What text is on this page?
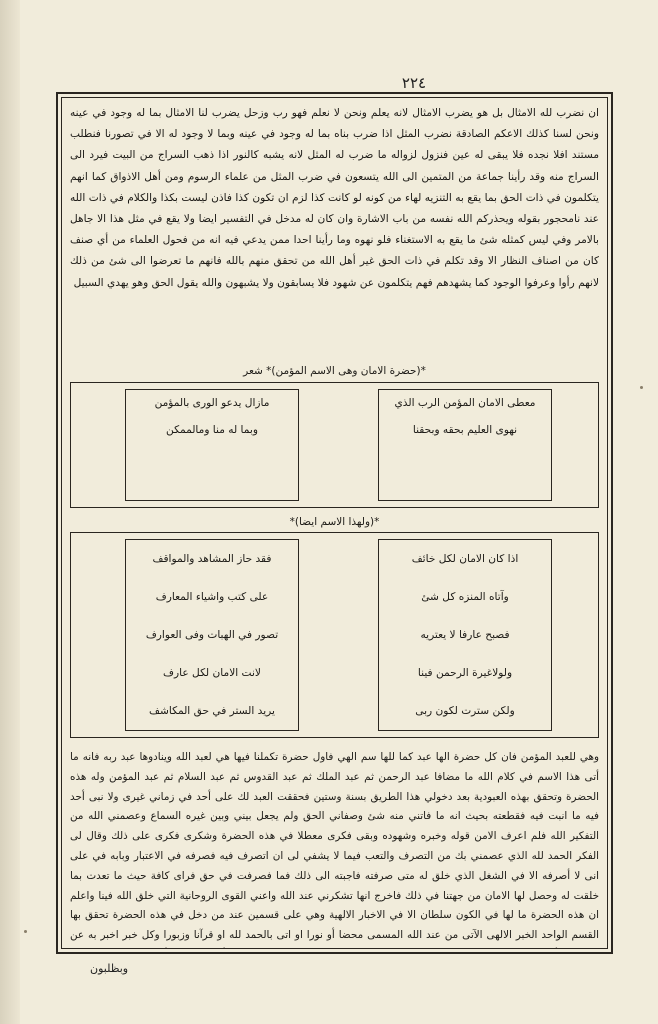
٢٢٤

ان نضرب لله الامثال بل هو يضرب الامثال لانه يعلم ونحن لا نعلم فهو رب وزحل يضرب لنا الامثال بما له وجود في عينه ونحن لسنا كذلك الاعكم الصادقة نضرب المثل اذا ضرب بناه بما له وجود في عينه وبما لا وجود له الا في تصورنا فنطلب مستند افلا نجده فلا يبقى له عين فنزول لزواله ما ضرب له المثل لانه يشبه كالنور اذا ذهب السراج من البيت فيرد الى السراج منه وقد رأينا جماعة من المتمين الى الله يتسعون في ضرب المثل من علماء الرسوم ومن أهل الاذواق كما انهم يتكلمون في ذات الحق بما يقع به التنزيه لهاء من كونه لو كانت كذا لزم ان تكون كذا فاذن ليست بكذا والكلام في ذات الله عند نامحجور بقوله ويحذركم الله نفسه من باب الاشارة وان كان له مدخل في التفسير ايضا ولا يقع في مثل هذا الا جاهل بالامر وفي ليس كمثله شئ ما يقع به الاستغناء فلو نهوه وما رأينا احدا ممن يدعي فيه انه من فحول العلماء من أي صنف كان من اصناف النظار الا وقد تكلم في ذات الحق غير أهل الله من تحقق منهم بالله فانهم ما تعرضوا الى شئ من ذلك لانهم رأوا وعرفوا الوجود كما يشهدهم فهم يتكلمون عن شهود فلا يسابقون ولا يشبهون والله يقول الحق وهو يهدي السبيل

*(حضرة الامان وهى الاسم المؤمن)* شعر
معطى الامان المؤمن الرب الذي
نهوى العليم بحقه وبحقنا
مازال يدعو الورى بالمؤمن
وبما له منا ومالممكن
*(ولهذا الاسم ايضا)*
اذا كان الامان لكل خائف
وآتاه المنزه كل شئ
فصبح عارفا لا يعتريه
ولولاغيرة الرحمن فينا
ولكن سترت لكون ربى
فقد حاز المشاهد والمواقف
على كتب واشياء المعارف
تصور في الهبات وفى العوارف
لانت الامان لكل عارف
يريد الستر في حق المكاشف

وهي للعبد المؤمن فان كل حضرة الها عبد كما للها سم الهي فاول حضرة تكملنا فيها هي لعبد الله وينادوها عبد ربه فانه ما أتى هذا الاسم في كلام الله ما مضافا عبد الرحمن ثم عبد الملك ثم عبد القدوس ثم عبد السلام ثم عبد المؤمن وله هذه الحضرة وتحقق بهذه العبودية بعد دخولي هذا الطريق بسنة وستين فحققت العبد لك على أحد في زماني غيرى ولا نبى أحد فيه ما انبت فيه فقطعته بحيث انه ما فاتني منه شئ وصفاني الحق ولم يجعل بيني وبين غيره السماع وعصمني الله من التفكير الله فلم اعرف الامن قوله وخبره وشهوده وبقى فكرى معطلا في هذه الحضرة وشكرى فكرى على ذلك وقال لى الفكر الحمد لله الذي عصمني بك من التصرف والتعب فيما لا يشفي لى ان اتصرف فيه فصرفه في الاعتبار وبابه في على انى لا أصرفه الا في الشغل الذي خلق له متى صرفته فاجبته الى ذلك فما فصرفت في حق فراى كافة حيث ما تعدت بما خلقت له وحصل لها الامان من جهتنا في ذلك فاخرج انها تشكرني عند الله واعني القوى الروحانية التي خلق الله فينا واعلم ان هذه الحضرة ما لها في الكون سلطان الا في الاخبار الالهية وهي على قسمين عند من دخل في هذه الحضرة تحقق بها القسم الواحد الخبر الالهى الآتى من عند الله المسمى محضا أو نورا او اتى بالحمد لله او قرآنا وزبورا وكل خبر اخبر به عن

وبظلبون
